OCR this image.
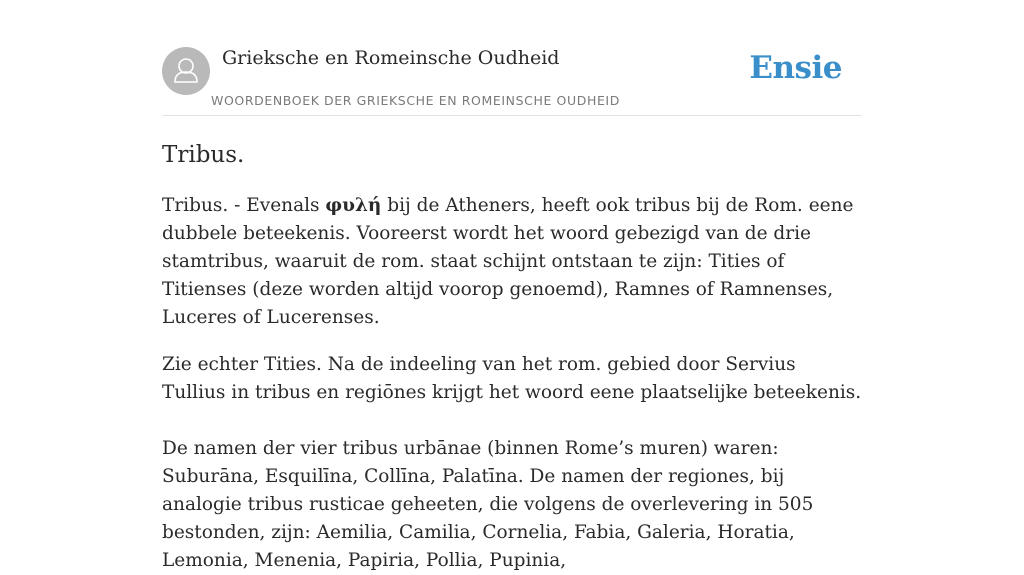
Grieksche en Romeinsche Oudheid
WOORDENBOEK DER GRIEKSCHE EN ROMEINSCHE OUDHEID
Ensie
Tribus.

Tribus. - Evenals φυλή bij de Atheners, heeft ook tribus bij de Rom. eene dubbele beteekenis. Vooreerst wordt het woord gebezigd van de drie stamtribus, waaruit de rom. staat schijnt ontstaan te zijn: Tities of Titienses (deze worden altijd voorop genoemd), Ramnes of Ramnenses, Luceres of Lucerenses.

Zie echter Tities. Na de indeeling van het rom. gebied door Servius Tullius in tribus en regiōnes krijgt het woord eene plaatselijke beteekenis.

De namen der vier tribus urbānae (binnen Rome’s muren) waren: Suburāna, Esquilīna, Collīna, Palatīna. De namen der regiones, bij analogie tribus rusticae geheeten, die volgens de overlevering in 505 bestonden, zijn: Aemilia, Camilia, Cornelia, Fabia, Galeria, Horatia, Lemonia, Menenia, Papiria, Pollia, Pupinia,
